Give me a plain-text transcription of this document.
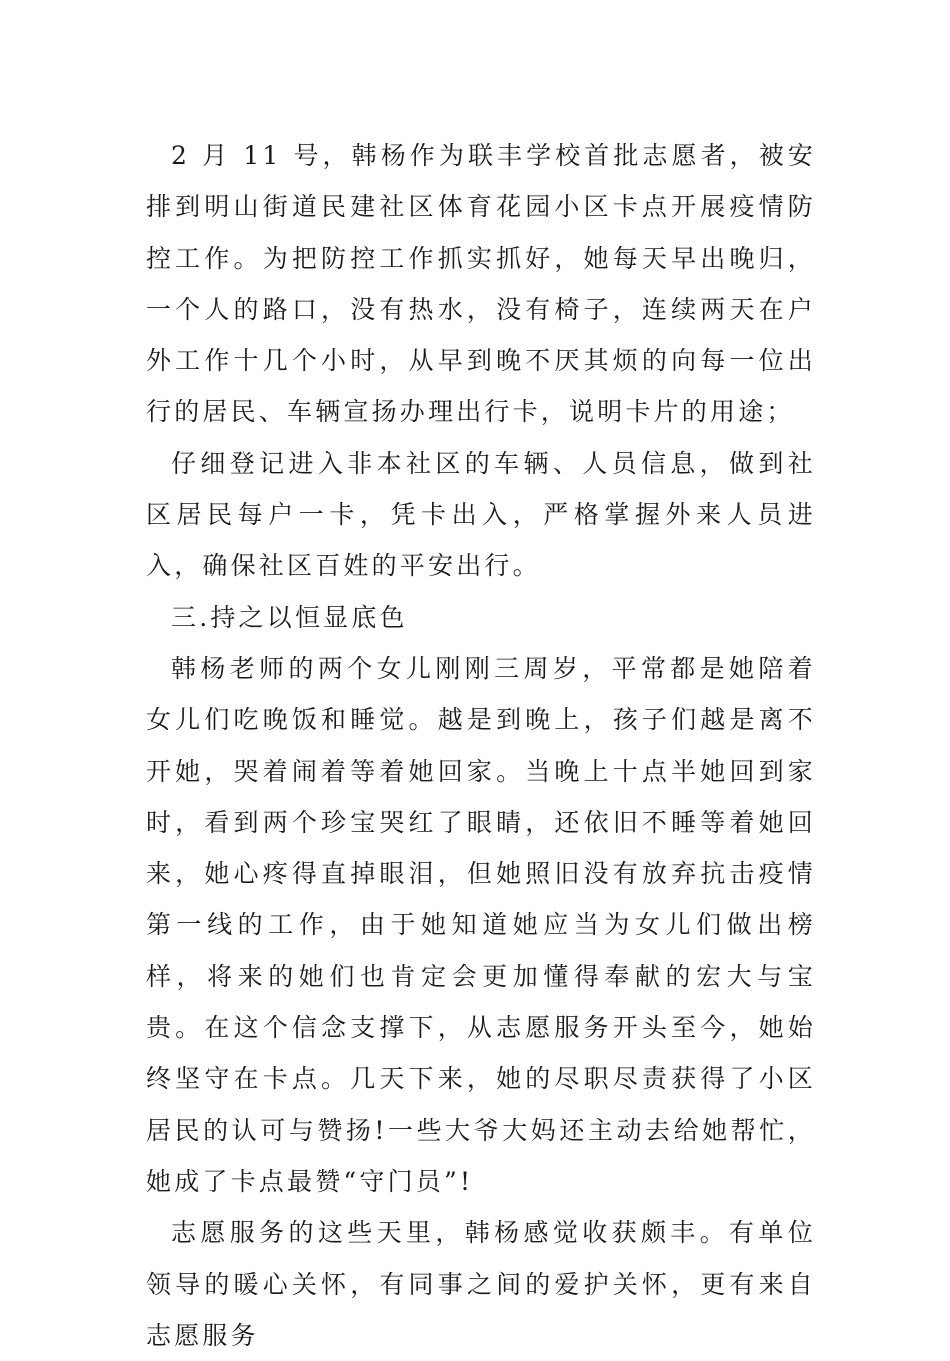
2 月 11 号，韩杨作为联丰学校首批志愿者，被安排到明山街道民建社区体育花园小区卡点开展疫情防控工作。为把防控工作抓实抓好，她每天早出晚归，一个人的路口，没有热水，没有椅子，连续两天在户外工作十几个小时，从早到晚不厌其烦的向每一位出行的居民、车辆宣扬办理出行卡，说明卡片的用途；

仔细登记进入非本社区的车辆、人员信息，做到社区居民每户一卡，凭卡出入，严格掌握外来人员进入，确保社区百姓的平安出行。

三.持之以恒显底色

韩杨老师的两个女儿刚刚三周岁，平常都是她陪着女儿们吃晚饭和睡觉。越是到晚上，孩子们越是离不开她，哭着闹着等着她回家。当晚上十点半她回到家时，看到两个珍宝哭红了眼睛，还依旧不睡等着她回来，她心疼得直掉眼泪，但她照旧没有放弃抗击疫情第一线的工作，由于她知道她应当为女儿们做出榜样，将来的她们也肯定会更加懂得奉献的宏大与宝贵。在这个信念支撑下，从志愿服务开头至今，她始终坚守在卡点。几天下来，她的尽职尽责获得了小区居民的认可与赞扬!一些大爷大妈还主动去给她帮忙，她成了卡点最赞“守门员”!

志愿服务的这些天里，韩杨感觉收获颇丰。有单位领导的暖心关怀，有同事之间的爱护关怀，更有来自志愿服务
